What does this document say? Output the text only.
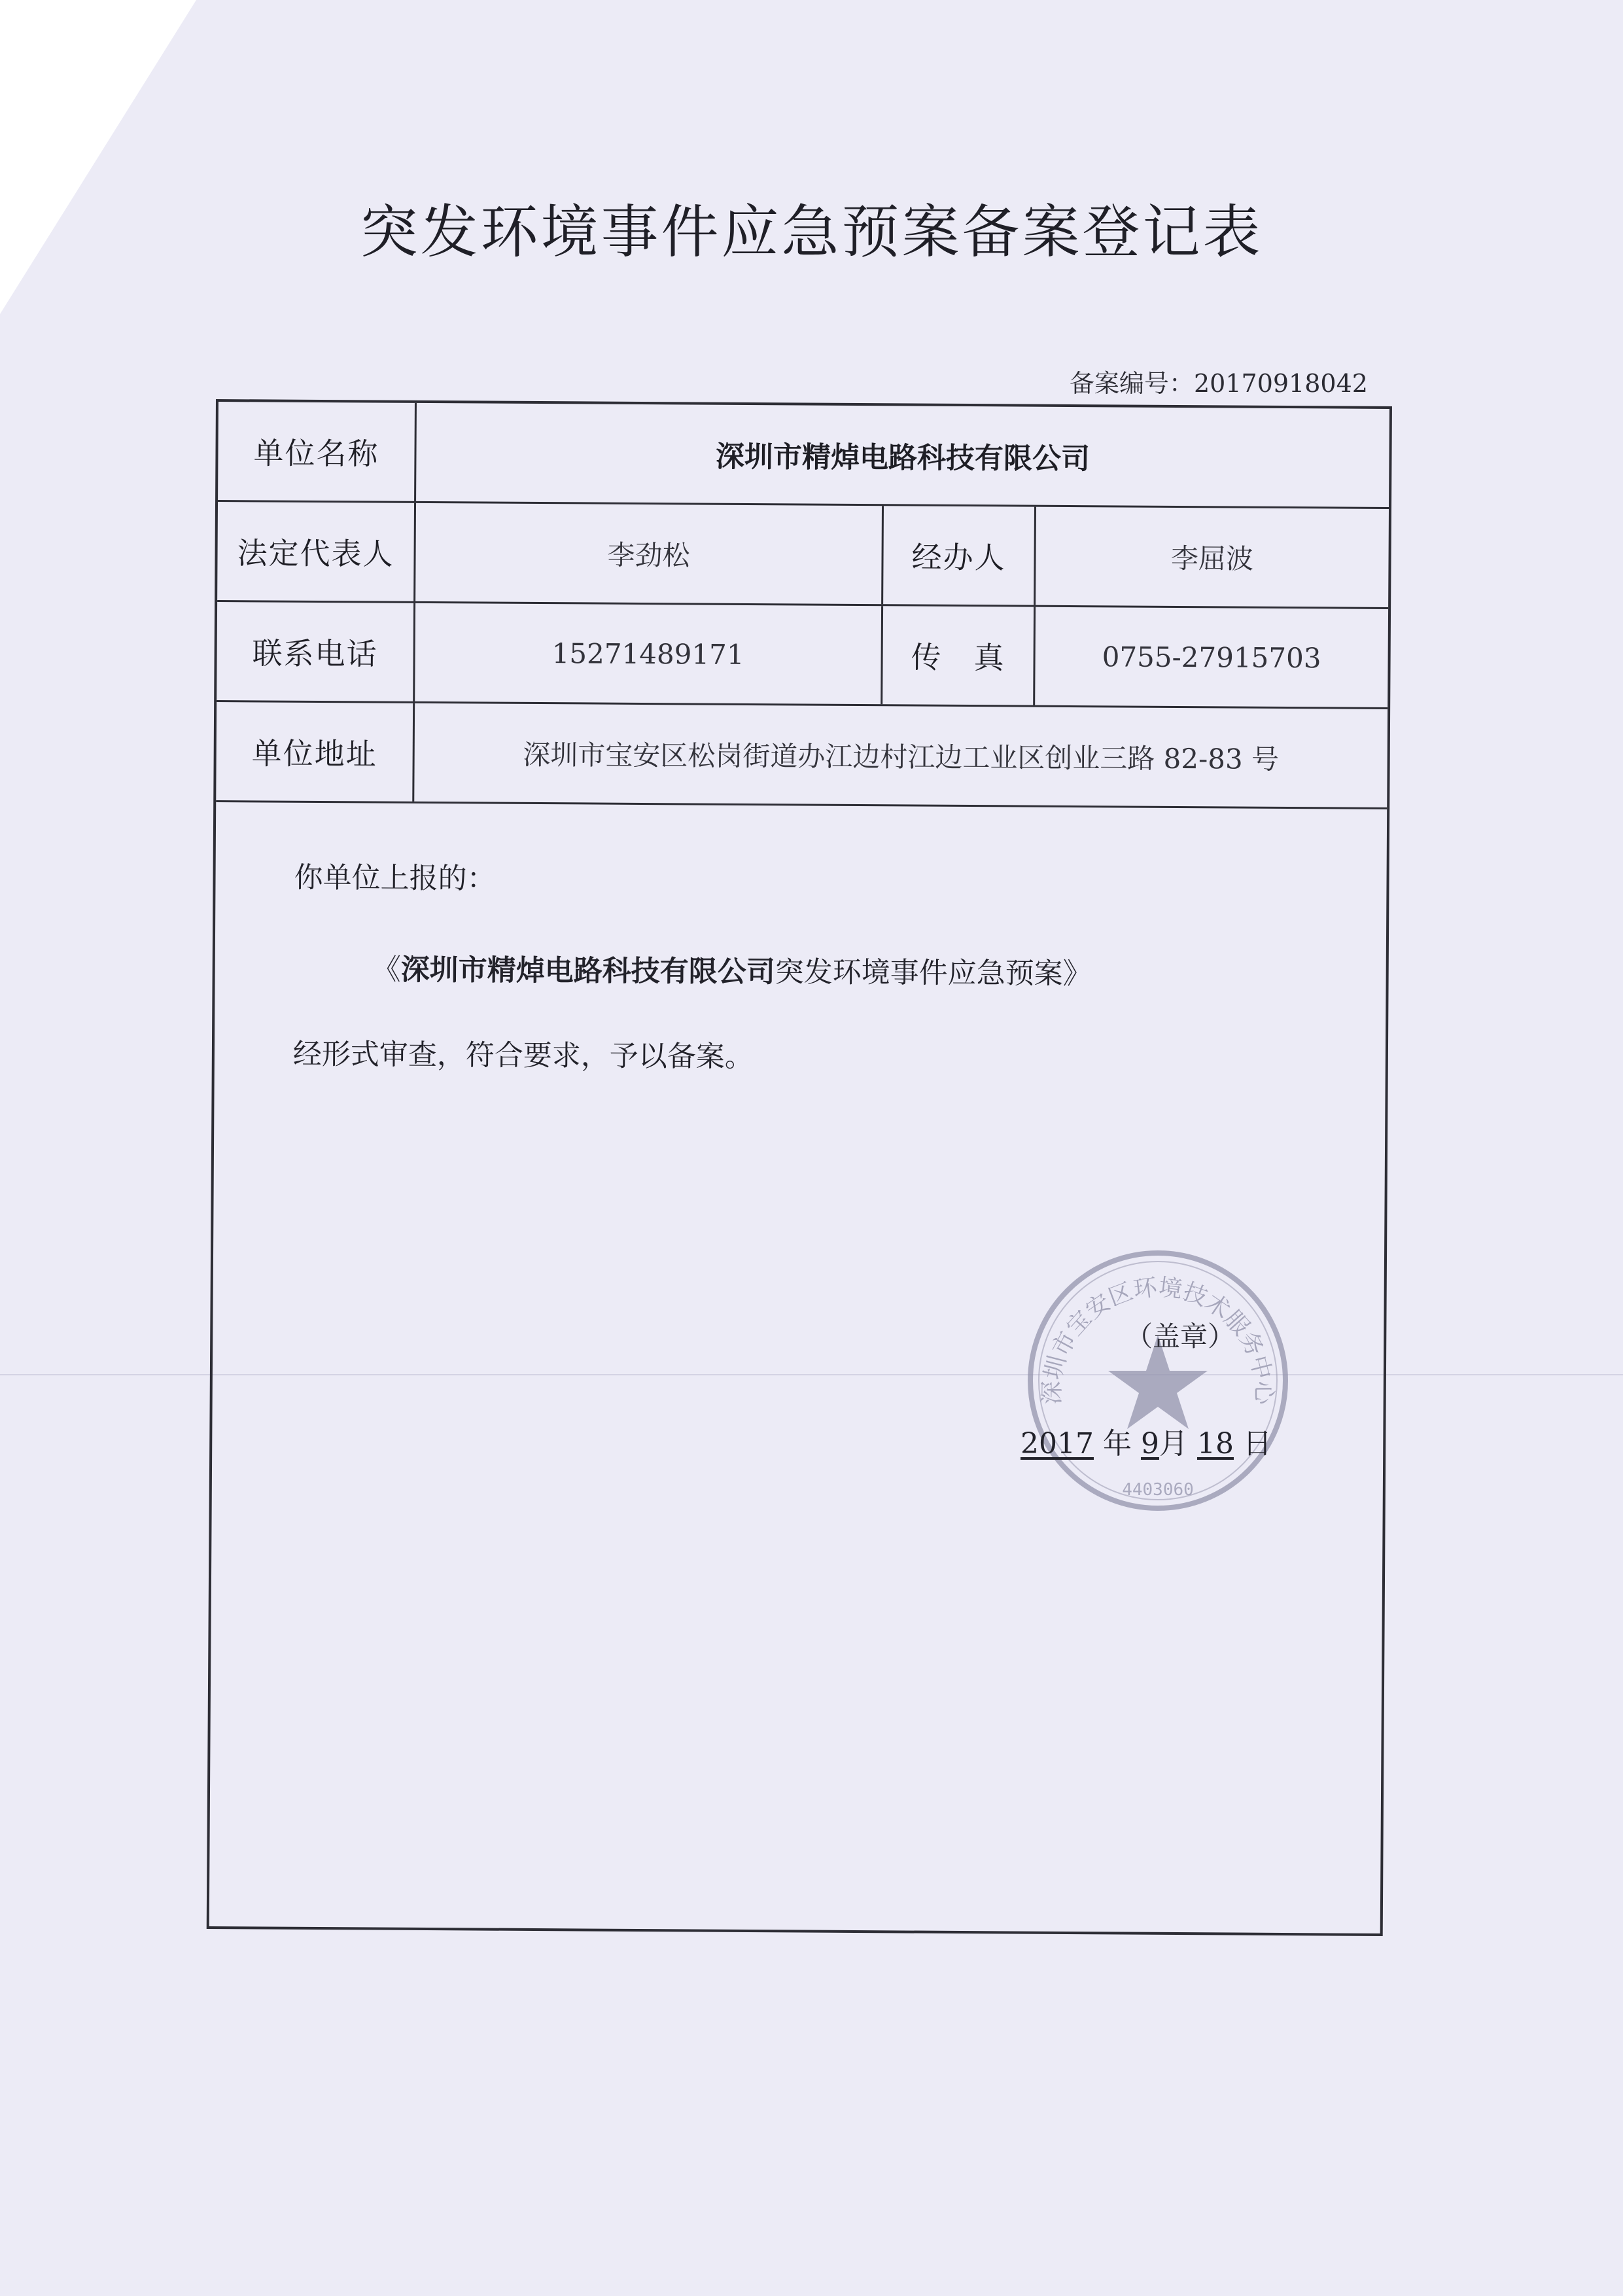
突发环境事件应急预案备案登记表
备案编号：20170918042
单位名称	深圳市精焯电路科技有限公司
法定代表人	李劲松	经办人	李屈波
联系电话	15271489171	传　真	0755-27915703
单位地址	深圳市宝安区松岗街道办江边村江边工业区创业三路 82-83 号
你单位上报的：
《深圳市精焯电路科技有限公司突发环境事件应急预案》
经形式审查，符合要求，予以备案。
深圳市宝安区环境技术服务中心
4403060
（盖章）
2017 年 9月 18 日
